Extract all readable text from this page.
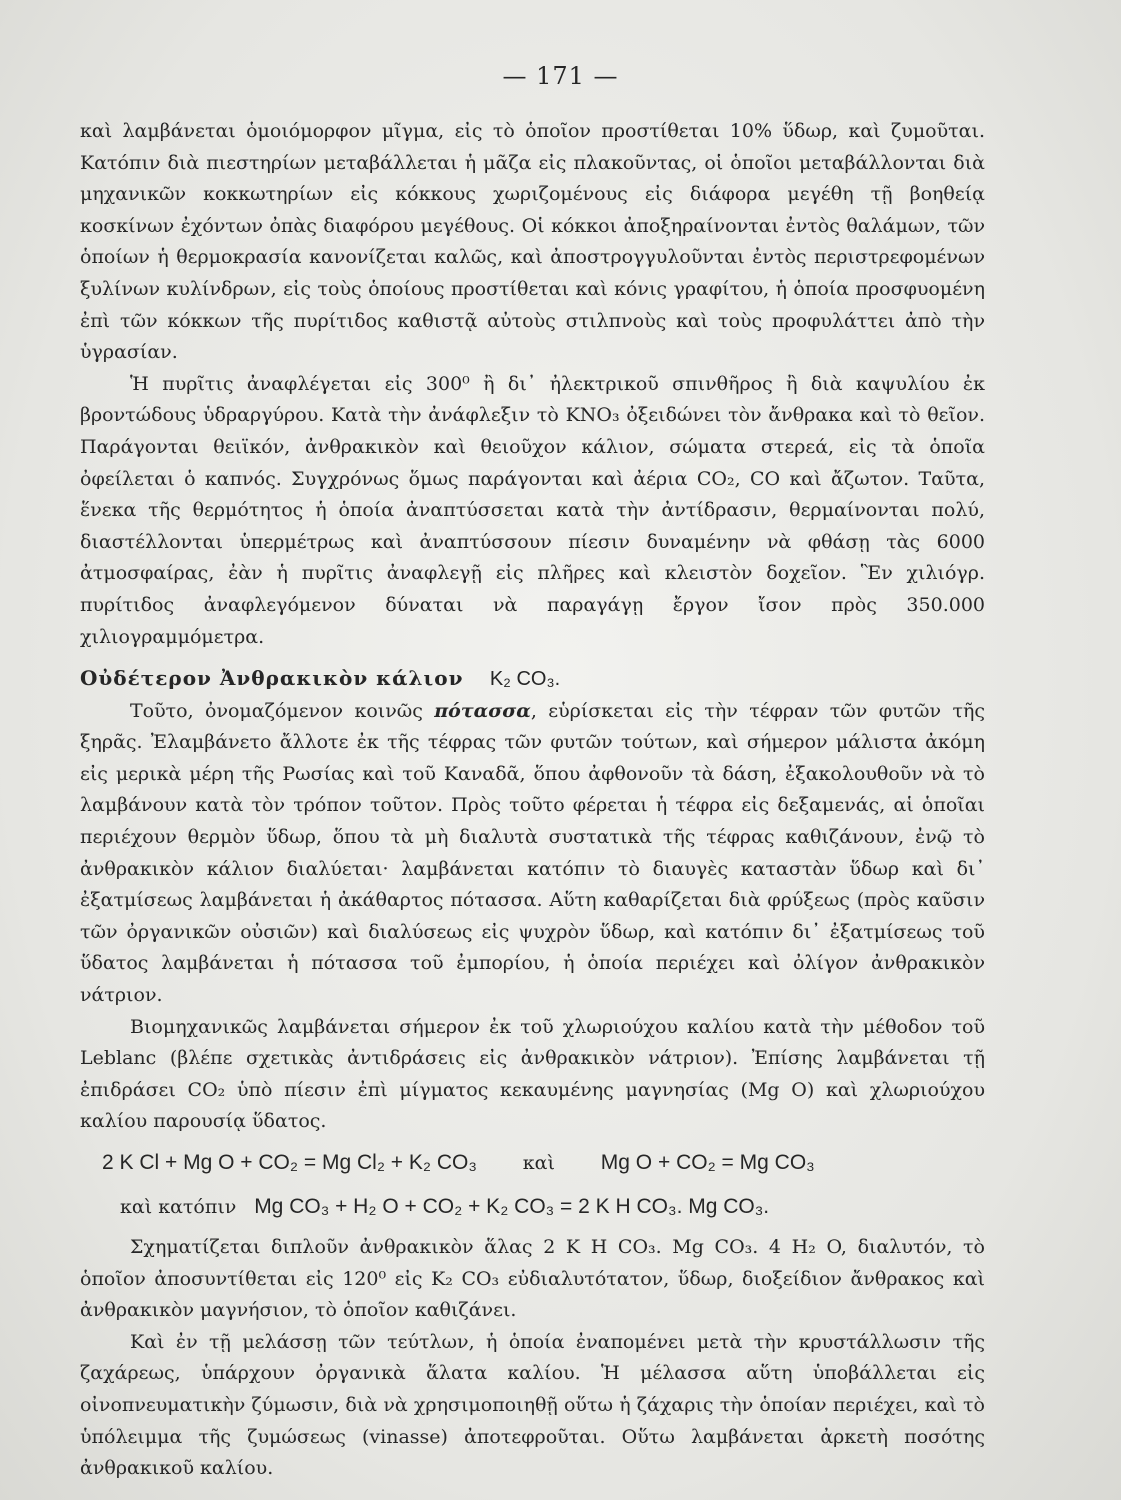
— 171 —

καὶ λαμβάνεται ὁμοιόμορφον μῖγμα, εἰς τὸ ὁποῖον προστίθεται 10% ὕδωρ, καὶ ζυμοῦται. Κατόπιν διὰ πιεστηρίων μεταβάλλεται ἡ μᾶζα εἰς πλακοῦντας, οἱ ὁποῖοι μεταβάλλονται διὰ μηχανικῶν κοκκωτηρίων εἰς κόκκους χωριζομένους εἰς διάφορα μεγέθη τῇ βοηθείᾳ κοσκίνων ἐχόντων ὀπὰς διαφόρου μεγέθους. Οἱ κόκκοι ἀποξηραίνονται ἐντὸς θαλάμων, τῶν ὁποίων ἡ θερμοκρασία κανονίζεται καλῶς, καὶ ἀποστρογγυλοῦνται ἐντὸς περιστρεφομένων ξυλίνων κυλίνδρων, εἰς τοὺς ὁποίους προστίθεται καὶ κόνις γραφίτου, ἡ ὁποία προσφυομένη ἐπὶ τῶν κόκκων τῆς πυρίτιδος καθιστᾷ αὐτοὺς στιλπνοὺς καὶ τοὺς προφυλάττει ἀπὸ τὴν ὑγρασίαν.

Ἡ πυρῖτις ἀναφλέγεται εἰς 300⁰ ἢ δι᾿ ἠλεκτρικοῦ σπινθῆρος ἢ διὰ καψυλίου ἐκ βροντώδους ὑδραργύρου. Κατὰ τὴν ἀνάφλεξιν τὸ KNO₃ ὀξειδώνει τὸν ἄνθρακα καὶ τὸ θεῖον. Παράγονται θειϊκόν, ἀνθρακικὸν καὶ θειοῦχον κάλιον, σώματα στερεά, εἰς τὰ ὁποῖα ὀφείλεται ὁ καπνός. Συγχρόνως ὅμως παράγονται καὶ ἀέρια CO₂, CO καὶ ἄζωτον. Ταῦτα, ἕνεκα τῆς θερμότητος ἡ ὁποία ἀναπτύσσεται κατὰ τὴν ἀντίδρασιν, θερμαίνονται πολύ, διαστέλλονται ὑπερμέτρως καὶ ἀναπτύσσουν πίεσιν δυναμένην νὰ φθάσῃ τὰς 6000 ἀτμοσφαίρας, ἐὰν ἡ πυρῖτις ἀναφλεγῇ εἰς πλῆρες καὶ κλειστὸν δοχεῖον. Ἓν χιλιόγρ. πυρίτιδος ἀναφλεγόμενον δύναται νὰ παραγάγῃ ἔργον ἴσον πρὸς 350.000 χιλιογραμμόμετρα.

Οὐδέτερον Ἀνθρακικὸν κάλιον K₂ CO₃.

Τοῦτο, ὀνομαζόμενον κοινῶς πότασσα, εὑρίσκεται εἰς τὴν τέφραν τῶν φυτῶν τῆς ξηρᾶς. Ἐλαμβάνετο ἄλλοτε ἐκ τῆς τέφρας τῶν φυτῶν τούτων, καὶ σήμερον μάλιστα ἀκόμη εἰς μερικὰ μέρη τῆς Ρωσίας καὶ τοῦ Καναδᾶ, ὅπου ἀφθονοῦν τὰ δάση, ἐξακολουθοῦν νὰ τὸ λαμβάνουν κατὰ τὸν τρόπον τοῦτον. Πρὸς τοῦτο φέρεται ἡ τέφρα εἰς δεξαμενάς, αἱ ὁποῖαι περιέχουν θερμὸν ὕδωρ, ὅπου τὰ μὴ διαλυτὰ συστατικὰ τῆς τέφρας καθιζάνουν, ἐνῷ τὸ ἀνθρακικὸν κάλιον διαλύεται· λαμβάνεται κατόπιν τὸ διαυγὲς καταστὰν ὕδωρ καὶ δι᾿ ἐξατμίσεως λαμβάνεται ἡ ἀκάθαρτος πότασσα. Αὕτη καθαρίζεται διὰ φρύξεως (πρὸς καῦσιν τῶν ὀργανικῶν οὐσιῶν) καὶ διαλύσεως εἰς ψυχρὸν ὕδωρ, καὶ κατόπιν δι᾿ ἐξατμίσεως τοῦ ὕδατος λαμβάνεται ἡ πότασσα τοῦ ἐμπορίου, ἡ ὁποία περιέχει καὶ ὀλίγον ἀνθρακικὸν νάτριον.

Βιομηχανικῶς λαμβάνεται σήμερον ἐκ τοῦ χλωριούχου καλίου κατὰ τὴν μέθοδον τοῦ Leblanc (βλέπε σχετικὰς ἀντιδράσεις εἰς ἀνθρακικὸν νάτριον). Ἐπίσης λαμβάνεται τῇ ἐπιδράσει CO₂ ὑπὸ πίεσιν ἐπὶ μίγματος κεκαυμένης μαγνησίας (Mg O) καὶ χλωριούχου καλίου παρουσίᾳ ὕδατος.

2 K Cl + Mg O + CO₂ = Mg Cl₂ + K₂ CO₃ καὶ Mg O + CO₂ = Mg CO₃

καὶ κατόπιν Mg CO₃ + H₂ O + CO₂ + K₂ CO₃ = 2 K H CO₃. Mg CO₃.

Σχηματίζεται διπλοῦν ἀνθρακικὸν ἅλας 2 K H CO₃. Mg CO₃. 4 H₂ O, διαλυτόν, τὸ ὁποῖον ἀποσυντίθεται εἰς 120⁰ εἰς K₂ CO₃ εὐδιαλυτότατον, ὕδωρ, διοξείδιον ἄνθρακος καὶ ἀνθρακικὸν μαγνήσιον, τὸ ὁποῖον καθιζάνει.

Καὶ ἐν τῇ μελάσσῃ τῶν τεύτλων, ἡ ὁποία ἐναπομένει μετὰ τὴν κρυστάλλωσιν τῆς ζαχάρεως, ὑπάρχουν ὀργανικὰ ἅλατα καλίου. Ἡ μέλασσα αὕτη ὑποβάλλεται εἰς οἰνοπνευματικὴν ζύμωσιν, διὰ νὰ χρησιμοποιηθῇ οὕτω ἡ ζάχαρις τὴν ὁποίαν περιέχει, καὶ τὸ ὑπόλειμμα τῆς ζυμώσεως (vinasse) ἀποτεφροῦται. Οὕτω λαμβάνεται ἀρκετὴ ποσότης ἀνθρακικοῦ καλίου.
